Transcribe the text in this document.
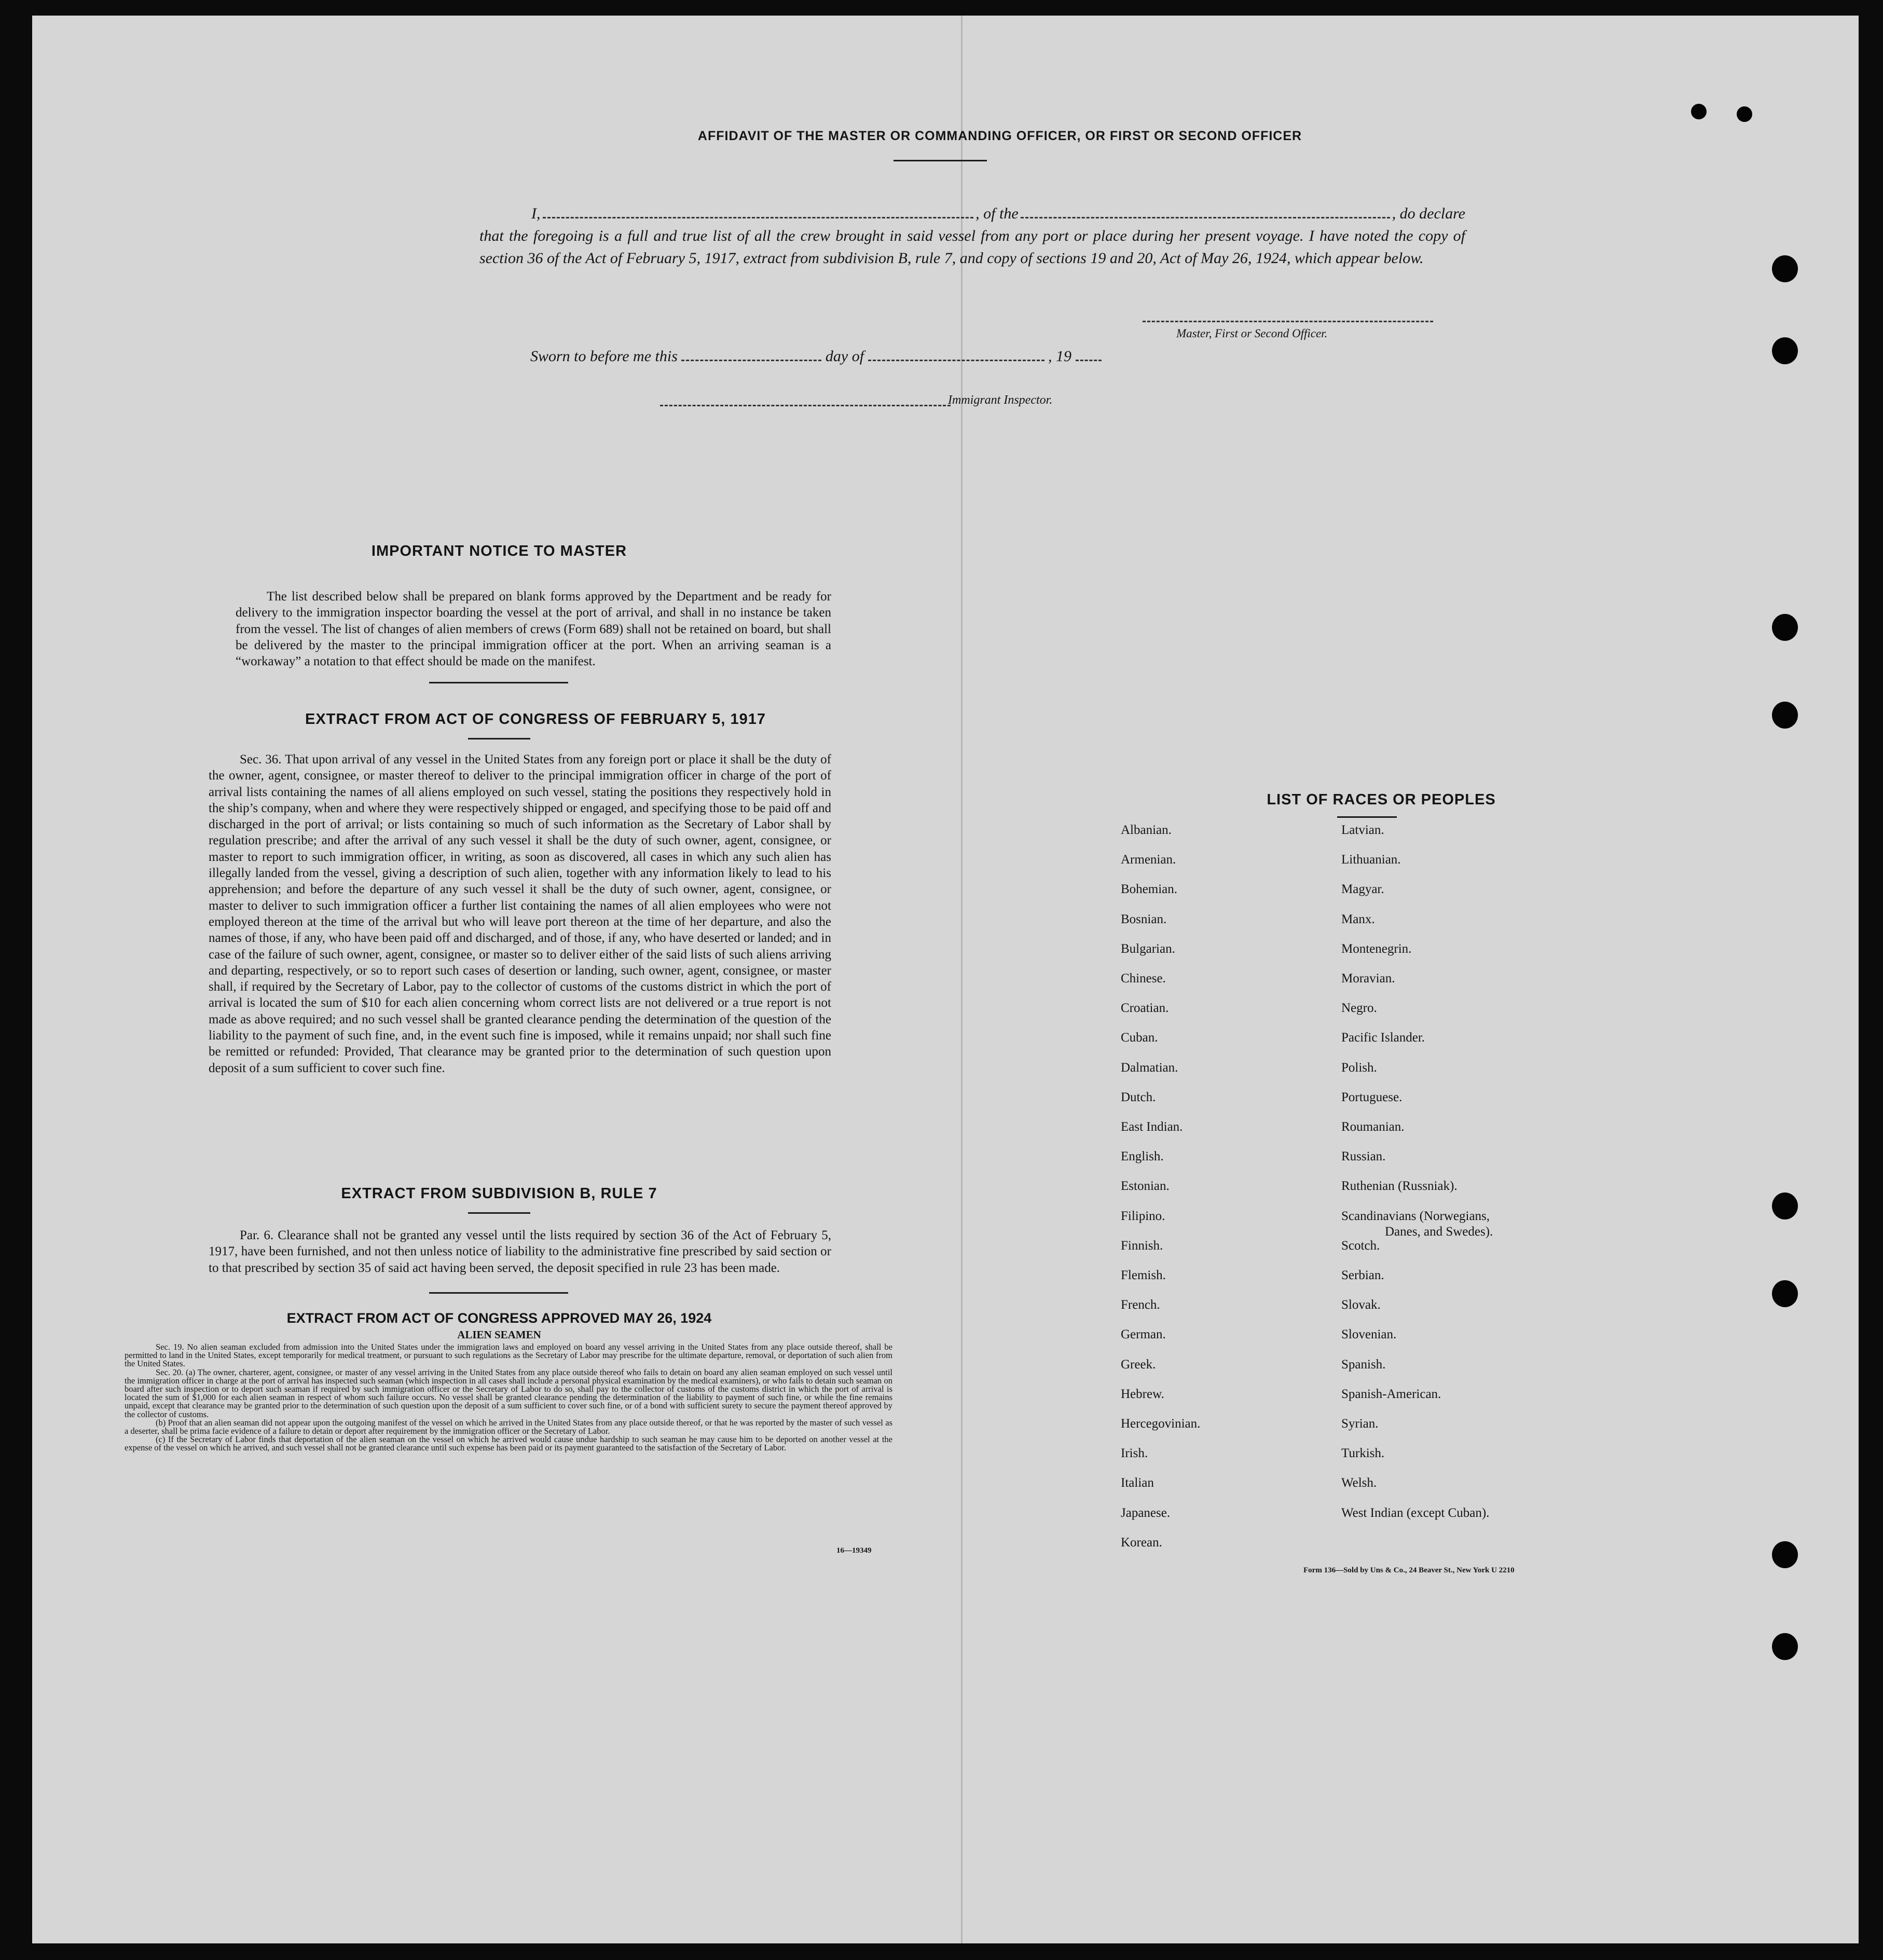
AFFIDAVIT OF THE MASTER OR COMMANDING OFFICER, OR FIRST OR SECOND OFFICER
I,	, of the	, do declare
that the foregoing is a full and true list of all the crew brought in said vessel from any port or place during her present voyage. I have noted the copy of section 36 of the Act of February 5, 1917, extract from subdivision B, rule 7, and copy of sections 19 and 20, Act of May 26, 1924, which appear below.
Master, First or Second Officer.
Sworn to before me this	day of	, 19
Immigrant Inspector.
IMPORTANT NOTICE TO MASTER
The list described below shall be prepared on blank forms approved by the Department and be ready for delivery to the immigration inspector boarding the vessel at the port of arrival, and shall in no instance be taken from the vessel. The list of changes of alien members of crews (Form 689) shall not be retained on board, but shall be delivered by the master to the principal immigration officer at the port. When an arriving seaman is a “workaway” a notation to that effect should be made on the manifest.
EXTRACT FROM ACT OF CONGRESS OF FEBRUARY 5, 1917
Sec. 36. That upon arrival of any vessel in the United States from any foreign port or place it shall be the duty of the owner, agent, consignee, or master thereof to deliver to the principal immigration officer in charge of the port of arrival lists containing the names of all aliens employed on such vessel, stating the positions they respectively hold in the ship’s company, when and where they were respectively shipped or engaged, and specifying those to be paid off and discharged in the port of arrival; or lists containing so much of such information as the Secretary of Labor shall by regulation prescribe; and after the arrival of any such vessel it shall be the duty of such owner, agent, consignee, or master to report to such immigration officer, in writing, as soon as discovered, all cases in which any such alien has illegally landed from the vessel, giving a description of such alien, together with any information likely to lead to his apprehension; and before the departure of any such vessel it shall be the duty of such owner, agent, consignee, or master to deliver to such immigration officer a further list containing the names of all alien employees who were not employed thereon at the time of the arrival but who will leave port thereon at the time of her departure, and also the names of those, if any, who have been paid off and discharged, and of those, if any, who have deserted or landed; and in case of the failure of such owner, agent, consignee, or master so to deliver either of the said lists of such aliens arriving and departing, respectively, or so to report such cases of desertion or landing, such owner, agent, consignee, or master shall, if required by the Secretary of Labor, pay to the collector of customs of the customs district in which the port of arrival is located the sum of $10 for each alien concerning whom correct lists are not delivered or a true report is not made as above required; and no such vessel shall be granted clearance pending the determination of the question of the liability to the payment of such fine, and, in the event such fine is imposed, while it remains unpaid; nor shall such fine be remitted or refunded: Provided, That clearance may be granted prior to the determination of such question upon deposit of a sum sufficient to cover such fine.
EXTRACT FROM SUBDIVISION B, RULE 7
Par. 6. Clearance shall not be granted any vessel until the lists required by section 36 of the Act of February 5, 1917, have been furnished, and not then unless notice of liability to the administrative fine prescribed by said section or to that prescribed by section 35 of said act having been served, the deposit specified in rule 23 has been made.
EXTRACT FROM ACT OF CONGRESS APPROVED MAY 26, 1924
ALIEN SEAMEN
Sec. 19. No alien seaman excluded from admission into the United States under the immigration laws and employed on board any vessel arriving in the United States from any place outside thereof, shall be permitted to land in the United States, except temporarily for medical treatment, or pursuant to such regulations as the Secretary of Labor may prescribe for the ultimate departure, removal, or deportation of such alien from the United States.
Sec. 20. (a) The owner, charterer, agent, consignee, or master of any vessel arriving in the United States from any place outside thereof who fails to detain on board any alien seaman employed on such vessel until the immigration officer in charge at the port of arrival has inspected such seaman (which inspection in all cases shall include a personal physical examination by the medical examiners), or who fails to detain such seaman on board after such inspection or to deport such seaman if required by such immigration officer or the Secretary of Labor to do so, shall pay to the collector of customs of the customs district in which the port of arrival is located the sum of $1,000 for each alien seaman in respect of whom such failure occurs. No vessel shall be granted clearance pending the determination of the liability to payment of such fine, or while the fine remains unpaid, except that clearance may be granted prior to the determination of such question upon the deposit of a sum sufficient to cover such fine, or of a bond with sufficient surety to secure the payment thereof approved by the collector of customs.
(b) Proof that an alien seaman did not appear upon the outgoing manifest of the vessel on which he arrived in the United States from any place outside thereof, or that he was reported by the master of such vessel as a deserter, shall be prima facie evidence of a failure to detain or deport after requirement by the immigration officer or the Secretary of Labor.
(c) If the Secretary of Labor finds that deportation of the alien seaman on the vessel on which he arrived would cause undue hardship to such seaman he may cause him to be deported on another vessel at the expense of the vessel on which he arrived, and such vessel shall not be granted clearance until such expense has been paid or its payment guaranteed to the satisfaction of the Secretary of Labor.
16—19349
LIST OF RACES OR PEOPLES
Form 136—Sold by Uns & Co., 24 Beaver St., New York U 2210
Albanian.
Armenian.
Bohemian.
Bosnian.
Bulgarian.
Chinese.
Croatian.
Cuban.
Dalmatian.
Dutch.
East Indian.
English.
Estonian.
Filipino.
Finnish.
Flemish.
French.
German.
Greek.
Hebrew.
Hercegovinian.
Irish.
Italian
Japanese.
Korean.
Latvian.
Lithuanian.
Magyar.
Manx.
Montenegrin.
Moravian.
Negro.
Pacific Islander.
Polish.
Portuguese.
Roumanian.
Russian.
Ruthenian (Russniak).
Scandinavians (Norwegians,
Danes, and Swedes).
Scotch.
Serbian.
Slovak.
Slovenian.
Spanish.
Spanish-American.
Syrian.
Turkish.
Welsh.
West Indian (except Cuban).
